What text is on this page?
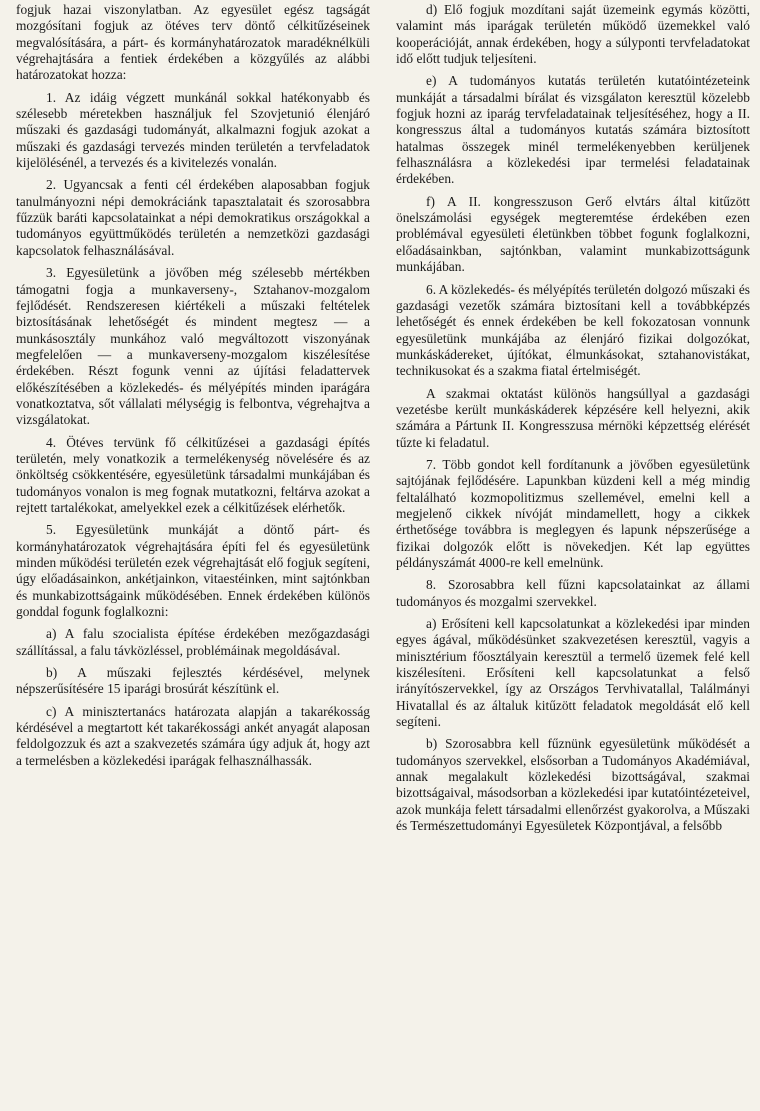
fogjuk hazai viszonylatban. Az egyesület egész tagságát mozgósítani fogjuk az ötéves terv döntő célkitűzéseinek megvalósítására, a párt- és kormányhatározatok maradéknélküli végrehajtására a fentiek érdekében a közgyűlés az alábbi határozatokat hozza:

1. Az idáig végzett munkánál sokkal hatékonyabb és szélesebb méretekben használjuk fel Szovjetunió élenjáró műszaki és gazdasági tudományát, alkalmazni fogjuk azokat a műszaki és gazdasági tervezés minden területén a tervfeladatok kijelölésénél, a tervezés és a kivitelezés vonalán.

2. Ugyancsak a fenti cél érdekében alaposabban fogjuk tanulmányozni népi demokráciánk tapasztalatait és szorosabbra fűzzük baráti kapcsolatainkat a népi demokratikus országokkal a tudományos együttműködés területén a nemzetközi gazdasági kapcsolatok felhasználásával.

3. Egyesületünk a jövőben még szélesebb mértékben támogatni fogja a munkaverseny-, Sztahanov-mozgalom fejlődését. Rendszeresen kiértékeli a műszaki feltételek biztosításának lehetőségét és mindent megtesz — a munkásosztály munkához való megváltozott viszonyának megfelelően — a munkaverseny-mozgalom kiszélesítése érdekében. Részt fogunk venni az újítási feladattervek előkészítésében a közlekedés- és mélyépítés minden iparágára vonatkoztatva, sőt vállalati mélységig is felbontva, végrehajtva a vizsgálatokat.

4. Ötéves tervünk fő célkitűzései a gazdasági építés területén, mely vonatkozik a termelékenység növelésére és az önköltség csökkentésére, egyesületünk társadalmi munkájában és tudományos vonalon is meg fognak mutatkozni, feltárva azokat a rejtett tartalékokat, amelyekkel ezek a célkitűzések elérhetők.

5. Egyesületünk munkáját a döntő párt- és kormányhatározatok végrehajtására építi fel és egyesületünk minden működési területén ezek végrehajtását elő fogjuk segíteni, úgy előadásainkon, ankétjainkon, vitaestéinken, mint sajtónkban és munkabizottságaink működésében. Ennek érdekében különös gonddal fogunk foglalkozni:

a) A falu szocialista építése érdekében mezőgazdasági szállítással, a falu távközléssel, problémáinak megoldásával.

b) A műszaki fejlesztés kérdésével, melynek népszerűsítésére 15 iparági brosúrát készítünk el.

c) A minisztertanács határozata alapján a takarékosság kérdésével a megtartott két takarékossági ankét anyagát alaposan feldolgozzuk és azt a szakvezetés számára úgy adjuk át, hogy azt a termelésben a közlekedési iparágak felhasználhassák.

d) Elő fogjuk mozdítani saját üzemeink egymás közötti, valamint más iparágak területén működő üzemekkel való kooperációját, annak érdekében, hogy a súlyponti tervfeladatokat idő előtt tudjuk teljesíteni.

e) A tudományos kutatás területén kutatóintézeteink munkáját a társadalmi bírálat és vizsgálaton keresztül közelebb fogjuk hozni az iparág tervfeladatainak teljesítéséhez, hogy a II. kongresszus által a tudományos kutatás számára biztosított hatalmas összegek minél termelékenyebben kerüljenek felhasználásra a közlekedési ipar termelési feladatainak érdekében.

f) A II. kongresszuson Gerő elvtárs által kitűzött önelszámolási egységek megteremtése érdekében ezen problémával egyesületi életünkben többet fogunk foglalkozni, előadásainkban, sajtónkban, valamint munkabizottságunk munkájában.

6. A közlekedés- és mélyépítés területén dolgozó műszaki és gazdasági vezetők számára biztosítani kell a továbbképzés lehetőségét és ennek érdekében be kell fokozatosan vonnunk egyesületünk munkájába az élenjáró fizikai dolgozókat, munkáskádereket, újítókat, élmunkásokat, sztahanovistákat, technikusokat és a szakma fiatal értelmiségét.

A szakmai oktatást különös hangsúllyal a gazdasági vezetésbe került munkáskáderek képzésére kell helyezni, akik számára a Pártunk II. Kongresszusa mérnöki képzettség elérését tűzte ki feladatul.

7. Több gondot kell fordítanunk a jövőben egyesületünk sajtójának fejlődésére. Lapunkban küzdeni kell a még mindig feltalálható kozmopolitizmus szellemével, emelni kell a megjelenő cikkek nívóját mindamellett, hogy a cikkek érthetősége továbbra is meglegyen és lapunk népszerűsége a fizikai dolgozók előtt is növekedjen. Két lap együttes példányszámát 4000-re kell emelnünk.

8. Szorosabbra kell fűzni kapcsolatainkat az állami tudományos és mozgalmi szervekkel.

a) Erősíteni kell kapcsolatunkat a közlekedési ipar minden egyes ágával, működésünket szakvezetésen keresztül, vagyis a minisztérium főosztályain keresztül a termelő üzemek felé kell kiszélesíteni. Erősíteni kell kapcsolatunkat a felső irányítószervekkel, így az Országos Tervhivatallal, Találmányi Hivatallal és az általuk kitűzött feladatok megoldását elő kell segíteni.

b) Szorosabbra kell fűznünk egyesületünk működését a tudományos szervekkel, elsősorban a Tudományos Akadémiával, annak megalakult közlekedési bizottságával, szakmai bizottságaival, másodsorban a közlekedési ipar kutatóintézeteivel, azok munkája felett társadalmi ellenőrzést gyakorolva, a Műszaki és Természettudományi Egyesületek Központjával, a felsőbb
